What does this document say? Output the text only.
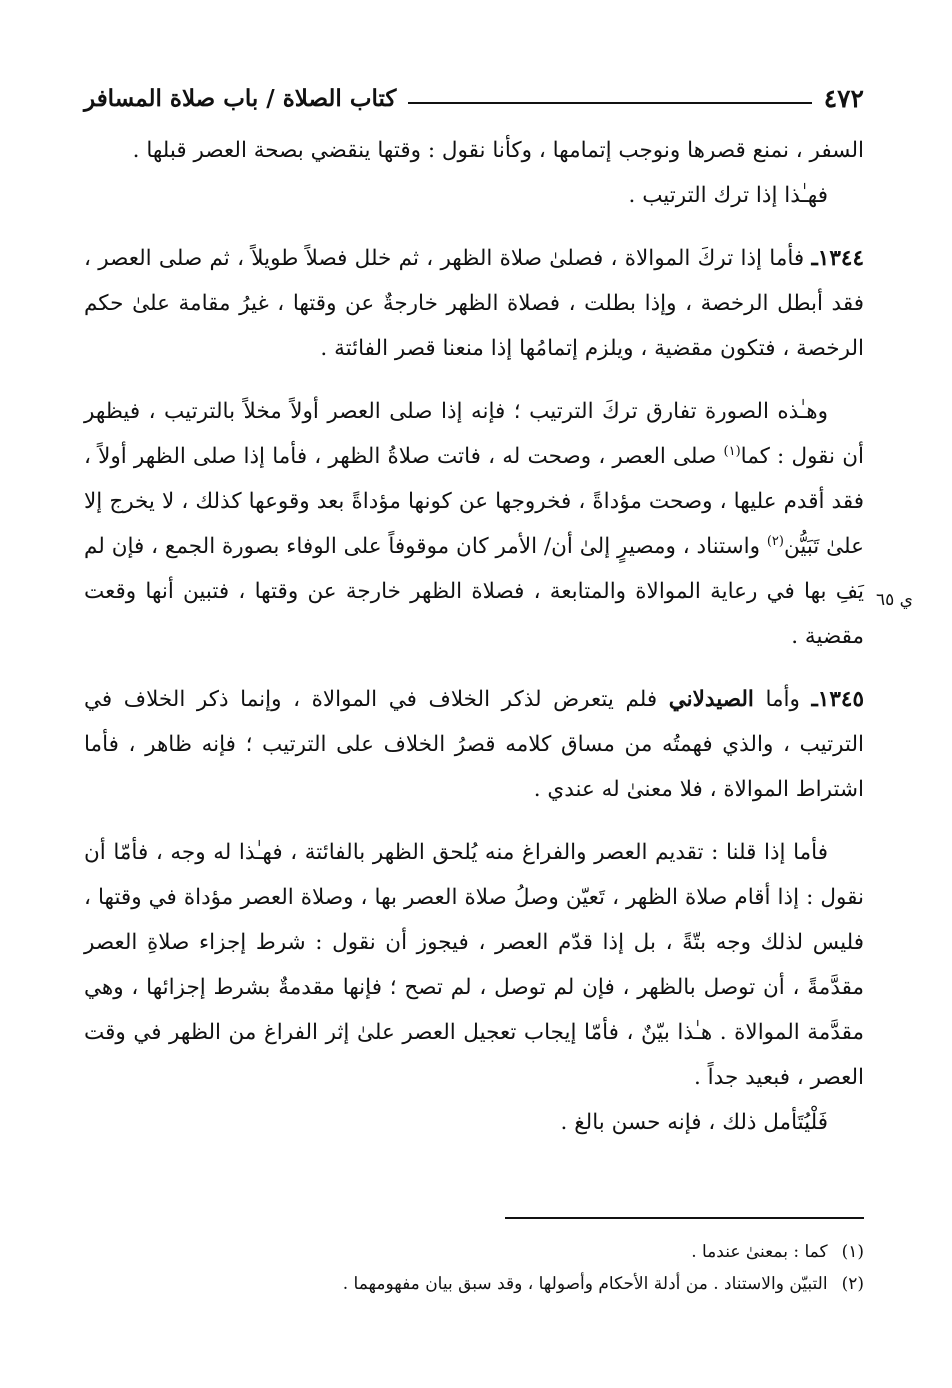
٤٧٢
كتاب الصلاة / باب صلاة المسافر

السفر ، نمنع قصرها ونوجب إتمامها ، وكأنا نقول : وقتها ينقضي بصحة العصر قبلها .

فهـٰذا إذا ترك الترتيب .

١٣٤٤ـ فأما إذا تركَ الموالاة ، فصلىٰ صلاة الظهر ، ثم خلل فصلاً طويلاً ، ثم صلى العصر ، فقد أبطل الرخصة ، وإذا بطلت ، فصلاة الظهر خارجةٌ عن وقتها ، غيرُ مقامة علىٰ حكم الرخصة ، فتكون مقضية ، ويلزم إتمامُها إذا منعنا قصر الفائتة .

وهـٰذه الصورة تفارق تركَ الترتيب ؛ فإنه إذا صلى العصر أولاً مخلاً بالترتيب ، فيظهر أن نقول : كما$^{(١)}$ صلى العصر ، وصحت له ، فاتت صلاةُ الظهر ، فأما إذا صلى الظهر أولاً ، فقد أقدم عليها ، وصحت مؤداةً ، فخروجها عن كونها مؤداةً بعد وقوعها كذلك ، لا يخرج إلا علىٰ تَبَيُّن$^{(٢)}$ واستناد ، ومصيرٍ إلىٰ أن/ الأمر كان موقوفاً على الوفاء بصورة الجمع ، فإن لم يَفِ بها في رعاية الموالاة والمتابعة ، فصلاة الظهر خارجة عن وقتها ، فتبين أنها وقعت مقضية .

١٣٤٥ـ وأما الصيدلاني فلم يتعرض لذكر الخلاف في الموالاة ، وإنما ذكر الخلاف في الترتيب ، والذي فهمتُه من مساق كلامه قصرُ الخلاف على الترتيب ؛ فإنه ظاهر ، فأما اشتراط الموالاة ، فلا معنىٰ له عندي .

فأما إذا قلنا : تقديم العصر والفراغ منه يُلحق الظهر بالفائتة ، فهـٰذا له وجه ، فأمّا أن نقول : إذا أقام صلاة الظهر ، تَعيّن وصلُ صلاة العصر بها ، وصلاة العصر مؤداة في وقتها ، فليس لذلك وجه بتّةً ، بل إذا قدّم العصر ، فيجوز أن نقول : شرط إجزاء صلاةِ العصر مقدَّمةً ، أن توصل بالظهر ، فإن لم توصل ، لم تصح ؛ فإنها مقدمةٌ بشرط إجزائها ، وهي مقدَّمة الموالاة . هـٰذا بيّنٌ ، فأمّا إيجاب تعجيل العصر علىٰ إثر الفراغ من الظهر في وقت العصر ، فبعيد جداً .

فَلْيُتَأمل ذلك ، فإنه حسن بالغ .

ي ٦٥

(١)كما : بمعنىٰ عندما .

(٢)التبيّن والاستناد . من أدلة الأحكام وأصولها ، وقد سبق بيان مفهومهما .
